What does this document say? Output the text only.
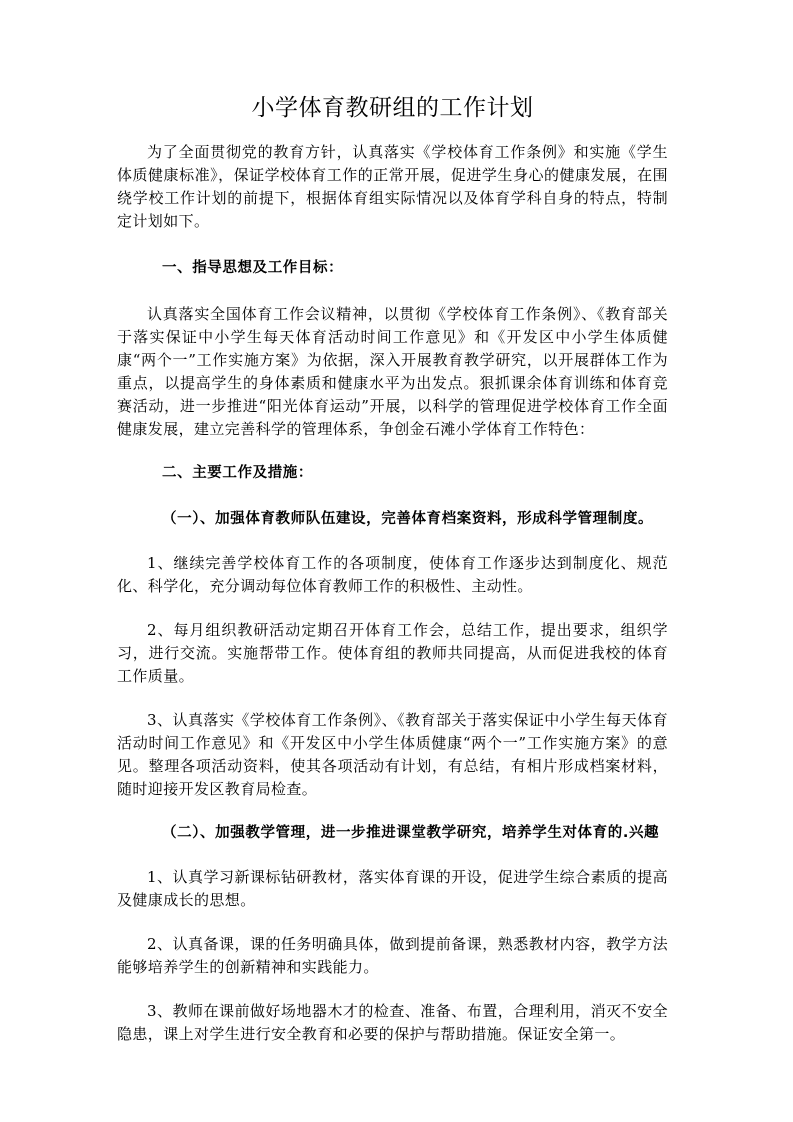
小学体育教研组的工作计划

为了全面贯彻党的教育方针，认真落实《学校体育工作条例》和实施《学生体质健康标准》，保证学校体育工作的正常开展，促进学生身心的健康发展，在围绕学校工作计划的前提下，根据体育组实际情况以及体育学科自身的特点，特制定计划如下。

一、指导思想及工作目标：

认真落实全国体育工作会议精神，以贯彻《学校体育工作条例》、《教育部关于落实保证中小学生每天体育活动时间工作意见》和《开发区中小学生体质健康“两个一”工作实施方案》为依据，深入开展教育教学研究，以开展群体工作为重点，以提高学生的身体素质和健康水平为出发点。狠抓课余体育训练和体育竞赛活动，进一步推进“阳光体育运动”开展，以科学的管理促进学校体育工作全面健康发展，建立完善科学的管理体系，争创金石滩小学体育工作特色：

二、主要工作及措施：

（一）、加强体育教师队伍建设，完善体育档案资料，形成科学管理制度。

1、继续完善学校体育工作的各项制度，使体育工作逐步达到制度化、规范化、科学化，充分调动每位体育教师工作的积极性、主动性。

2、每月组织教研活动定期召开体育工作会，总结工作，提出要求，组织学习，进行交流。实施帮带工作。使体育组的教师共同提高，从而促进我校的体育工作质量。

3、认真落实《学校体育工作条例》、《教育部关于落实保证中小学生每天体育活动时间工作意见》和《开发区中小学生体质健康“两个一”工作实施方案》的意见。整理各项活动资料，使其各项活动有计划，有总结，有相片形成档案材料，随时迎接开发区教育局检查。

（二）、加强教学管理，进一步推进课堂教学研究，培养学生对体育的.兴趣

1、认真学习新课标钻研教材，落实体育课的开设，促进学生综合素质的提高及健康成长的思想。

2、认真备课，课的任务明确具体，做到提前备课，熟悉教材内容，教学方法能够培养学生的创新精神和实践能力。

3、教师在课前做好场地器木才的检查、准备、布置，合理利用，消灭不安全隐患，课上对学生进行安全教育和必要的保护与帮助措施。保证安全第一。
